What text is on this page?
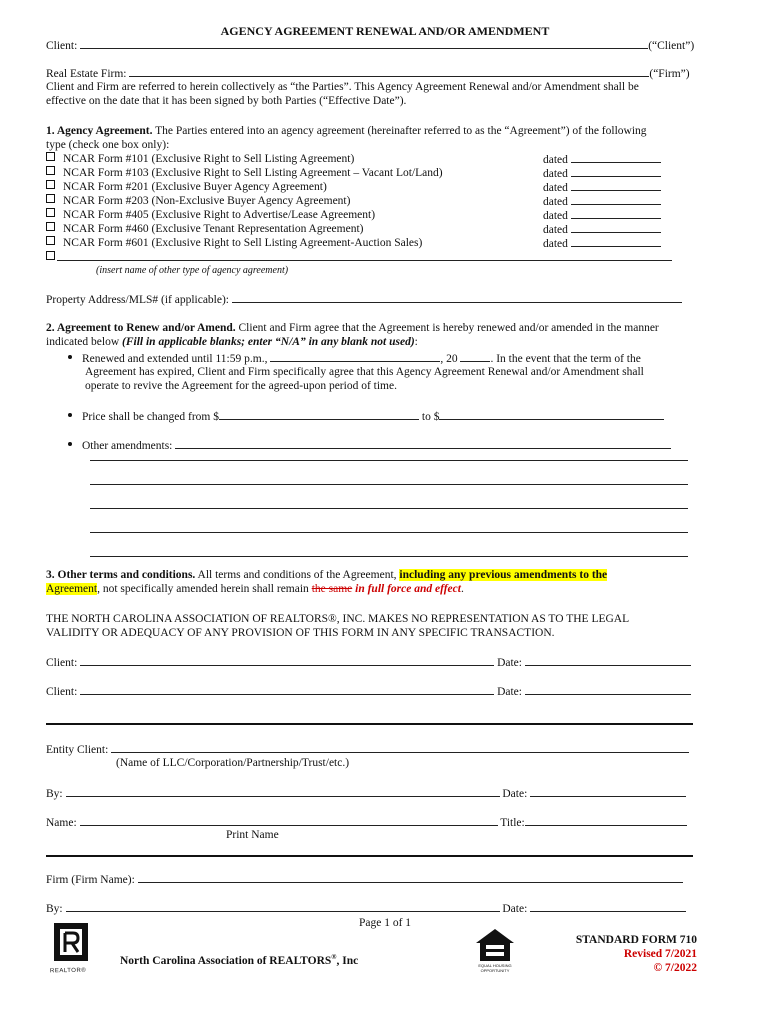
AGENCY AGREEMENT RENEWAL AND/OR AMENDMENT
Client:	(“Client”)
Real Estate Firm:	(“Firm”)
Client and Firm are referred to herein collectively as “the Parties”. This Agency Agreement Renewal and/or Amendment shall be
effective on the date that it has been signed by both Parties (“Effective Date”).
1. Agency Agreement. The Parties entered into an agency agreement (hereinafter referred to as the “Agreement”) of the following
type (check one box only):
NCAR Form #101 (Exclusive Right to Sell Listing Agreement)	dated
NCAR Form #103 (Exclusive Right to Sell Listing Agreement – Vacant Lot/Land)	dated
NCAR Form #201 (Exclusive Buyer Agency Agreement)	dated
NCAR Form #203 (Non-Exclusive Buyer Agency Agreement)	dated
NCAR Form #405 (Exclusive Right to Advertise/Lease Agreement)	dated
NCAR Form #460 (Exclusive Tenant Representation Agreement)	dated
NCAR Form #601 (Exclusive Right to Sell Listing Agreement-Auction Sales)	dated
(insert name of other type of agency agreement)
Property Address/MLS# (if applicable):
2. Agreement to Renew and/or Amend. Client and Firm agree that the Agreement is hereby renewed and/or amended in the manner
indicated below (Fill in applicable blanks; enter “N/A” in any blank not used):
Renewed and extended until 11:59 p.m.,	, 20	. In the event that the term of the
Agreement has expired, Client and Firm specifically agree that this Agency Agreement Renewal and/or Amendment shall
operate to revive the Agreement for the agreed-upon period of time.
Price shall be changed from $	to $
Other amendments:
3. Other terms and conditions. All terms and conditions of the Agreement, including any previous amendments to the
Agreement, not specifically amended herein shall remain the same in full force and effect.
THE NORTH CAROLINA ASSOCIATION OF REALTORS®, INC. MAKES NO REPRESENTATION AS TO THE LEGAL
VALIDITY OR ADEQUACY OF ANY PROVISION OF THIS FORM IN ANY SPECIFIC TRANSACTION.
Client:	Date:
Client:	Date:
Entity Client:
(Name of LLC/Corporation/Partnership/Trust/etc.)
By:	Date:
Name:	Title:
Print Name
Firm (Firm Name):
By:	Date:
Page 1 of 1
REALTOR®
North Carolina Association of REALTORS®, Inc	EQUAL HOUSING OPPORTUNITY
STANDARD FORM 710
Revised 7/2021
© 7/2022
